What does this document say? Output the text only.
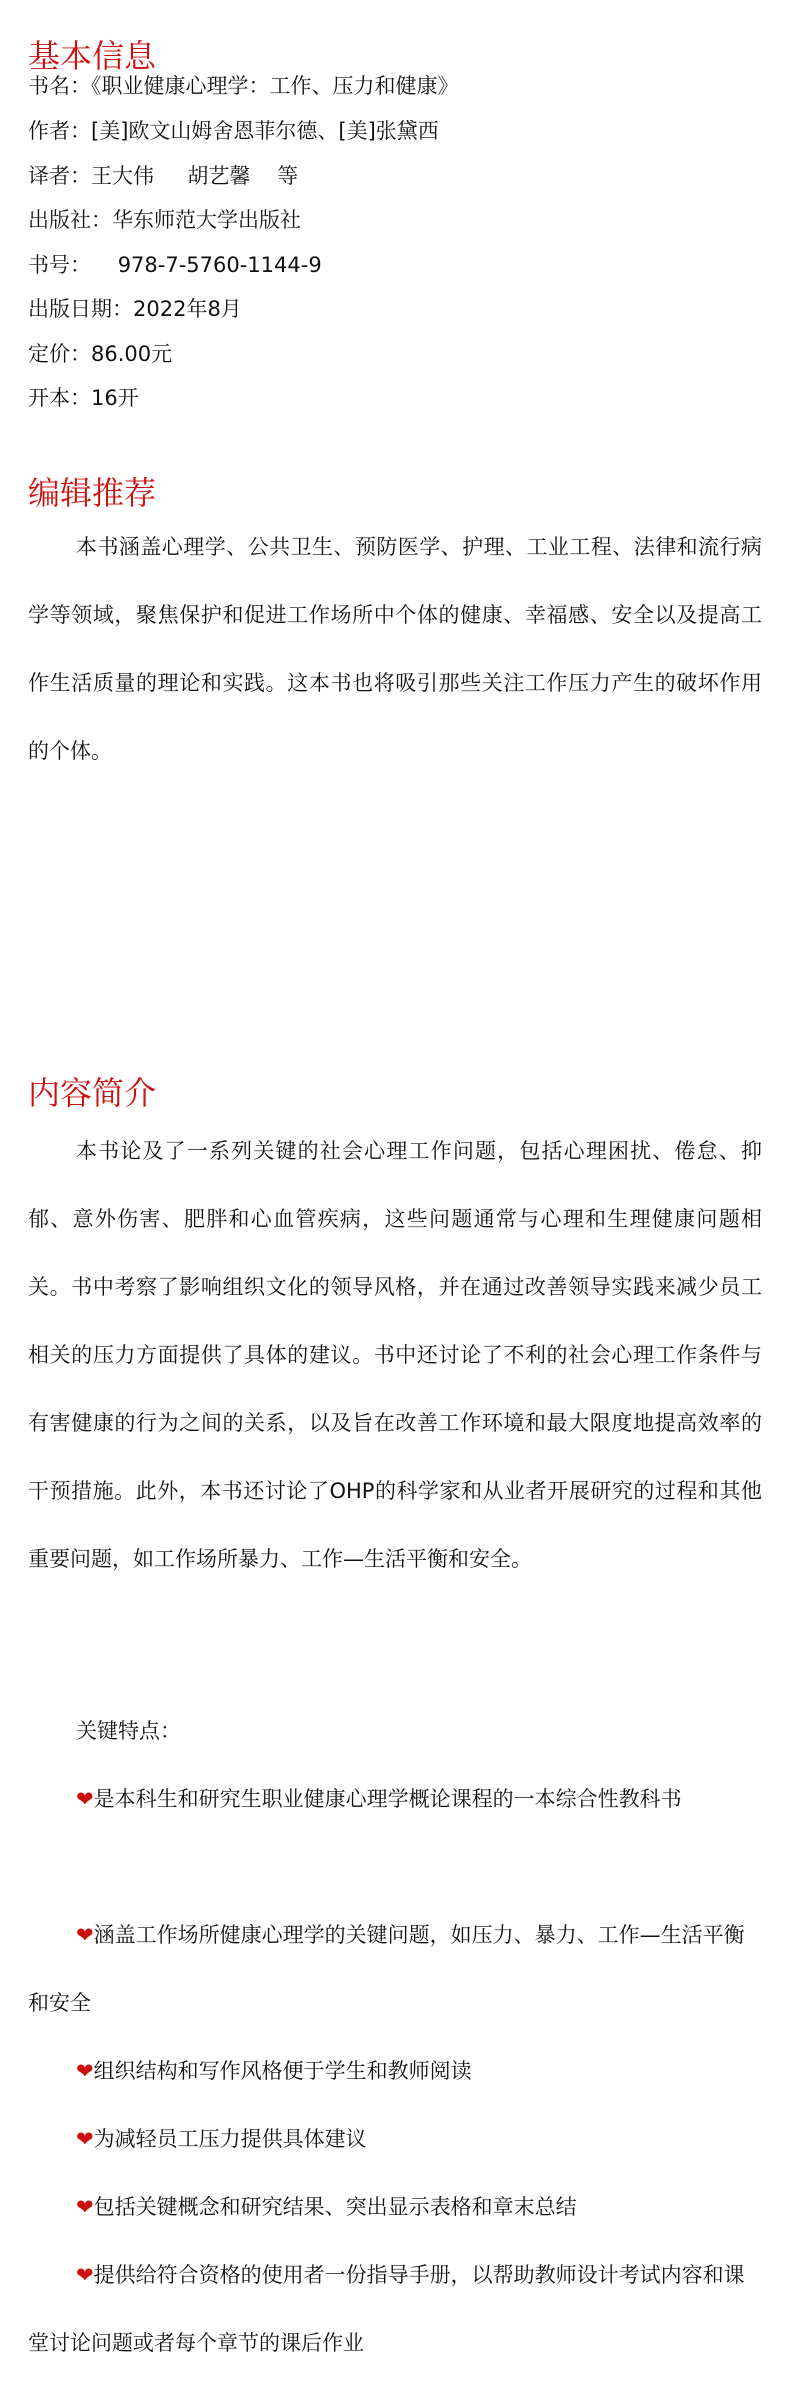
基本信息

书名：《职业健康心理学：工作、压力和健康》

作者：[美]欧文山姆舍恩菲尔德、[美]张黛西

译者：王大伟     胡艺馨    等

出版社：华东师范大学出版社

书号：    978-7-5760-1144-9

出版日期：2022年8月

定价：86.00元

开本：16开

编辑推荐

本书涵盖心理学、公共卫生、预防医学、护理、工业工程、法律和流行病学等领域，聚焦保护和促进工作场所中个体的健康、幸福感、安全以及提高工作生活质量的理论和实践。这本书也将吸引那些关注工作压力产生的破坏作用的个体。

内容简介

本书论及了一系列关键的社会心理工作问题，包括心理困扰、倦怠、抑郁、意外伤害、肥胖和心血管疾病，这些问题通常与心理和生理健康问题相关。书中考察了影响组织文化的领导风格，并在通过改善领导实践来减少员工相关的压力方面提供了具体的建议。书中还讨论了不利的社会心理工作条件与有害健康的行为之间的关系，以及旨在改善工作环境和最大限度地提高效率的干预措施。此外，本书还讨论了OHP的科学家和从业者开展研究的过程和其他重要问题，如工作场所暴力、工作—生活平衡和安全。

关键特点：

❤是本科生和研究生职业健康心理学概论课程的一本综合性教科书

❤涵盖工作场所健康心理学的关键问题，如压力、暴力、工作—生活平衡和安全

❤组织结构和写作风格便于学生和教师阅读

❤为减轻员工压力提供具体建议

❤包括关键概念和研究结果、突出显示表格和章末总结

❤提供给符合资格的使用者一份指导手册，以帮助教师设计考试内容和课堂讨论问题或者每个章节的课后作业
